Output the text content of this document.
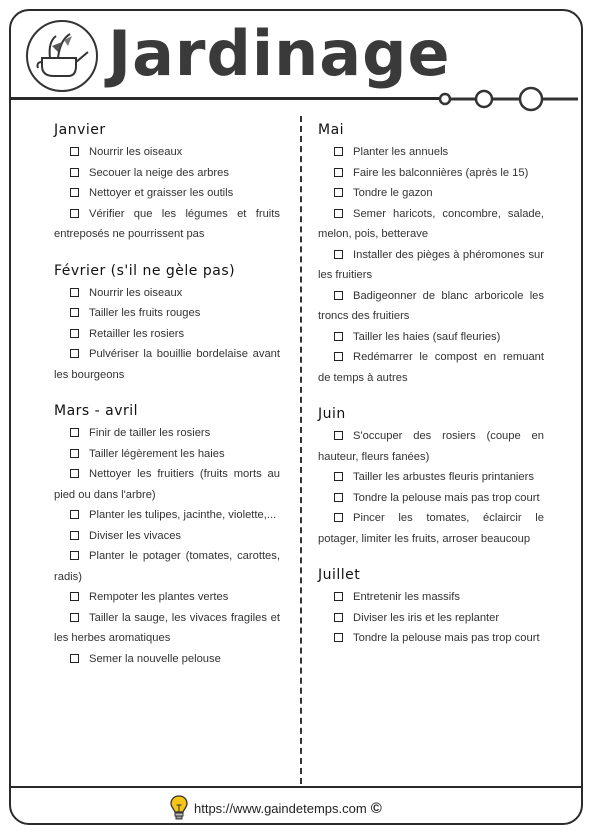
Jardinage
Janvier
Nourrir les oiseaux
Secouer la neige des arbres
Nettoyer et graisser les outils
Vérifier que les légumes et fruits entreposés ne pourrissent pas
Février (s'il ne gèle pas)
Nourrir les oiseaux
Tailler les fruits rouges
Retailler les rosiers
Pulvériser la bouillie bordelaise avant les bourgeons
Mars - avril
Finir de tailler les rosiers
Tailler légèrement les haies
Nettoyer les fruitiers (fruits morts au pied ou dans l'arbre)
Planter les tulipes, jacinthe, violette,...
Diviser les vivaces
Planter le potager (tomates, carottes, radis)
Rempoter les plantes vertes
Tailler la sauge, les vivaces fragiles et les herbes aromatiques
Semer la nouvelle pelouse
Mai
Planter les annuels
Faire les balconnières (après le 15)
Tondre le gazon
Semer haricots, concombre, salade, melon, pois, betterave
Installer des pièges à phéromones sur les fruitiers
Badigeonner de blanc arboricole les troncs des fruitiers
Tailler les haies (sauf fleuries)
Redémarrer le compost en remuant de temps à autres
Juin
S'occuper des rosiers (coupe en hauteur, fleurs fanées)
Tailler les arbustes fleuris printaniers
Tondre la pelouse mais pas trop court
Pincer les tomates, éclaircir le potager, limiter les fruits, arroser beaucoup
Juillet
Entretenir les massifs
Diviser les iris et les replanter
Tondre la pelouse mais pas trop court
https://www.gaindetemps.com ©
